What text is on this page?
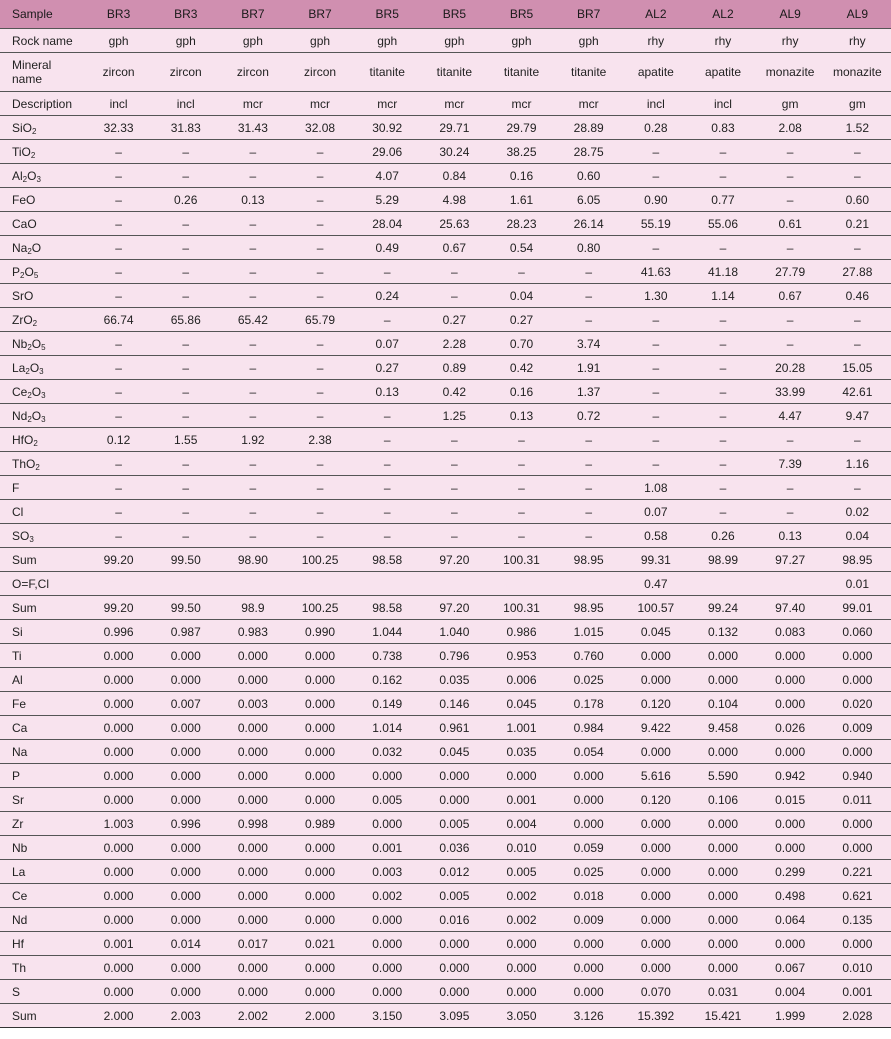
Sample	BR3	BR3	BR7	BR7	BR5	BR5	BR5	BR7	AL2	AL2	AL9	AL9
Rock name	gph	gph	gph	gph	gph	gph	gph	gph	rhy	rhy	rhy	rhy
Mineral name	zircon	zircon	zircon	zircon	titanite	titanite	titanite	titanite	apatite	apatite	monazite	monazite
Description	incl	incl	mcr	mcr	mcr	mcr	mcr	mcr	incl	incl	gm	gm
SiO$_2$	32.33	31.83	31.43	32.08	30.92	29.71	29.79	28.89	0.28	0.83	2.08	1.52
TiO$_2$	–	–	–	–	29.06	30.24	38.25	28.75	–	–	–	–
$Al_2O_3$	–	–	–	–	4.07	0.84	0.16	0.60	–	–	–	–
FeO	–	0.26	0.13	–	5.29	4.98	1.61	6.05	0.90	0.77	–	0.60
CaO	–	–	–	–	28.04	25.63	28.23	26.14	55.19	55.06	0.61	0.21
$Na_2O$	–	–	–	–	0.49	0.67	0.54	0.80	–	–	–	–
$P_2O_5$	–	–	–	–	–	–	–	–	41.63	41.18	27.79	27.88
SrO	–	–	–	–	0.24	–	0.04	–	1.30	1.14	0.67	0.46
ZrO$_2$	66.74	65.86	65.42	65.79	–	0.27	0.27	–	–	–	–	–
$Nb_2O_5$	–	–	–	–	0.07	2.28	0.70	3.74	–	–	–	–
$La_2O_3$	–	–	–	–	0.27	0.89	0.42	1.91	–	–	20.28	15.05
$Ce_2O_3$	–	–	–	–	0.13	0.42	0.16	1.37	–	–	33.99	42.61
$Nd_2O_3$	–	–	–	–	–	1.25	0.13	0.72	–	–	4.47	9.47
HfO$_2$	0.12	1.55	1.92	2.38	–	–	–	–	–	–	–	–
ThO$_2$	–	–	–	–	–	–	–	–	–	–	7.39	1.16
F	–	–	–	–	–	–	–	–	1.08	–	–	–
Cl	–	–	–	–	–	–	–	–	0.07	–	–	0.02
$SO_3$	–	–	–	–	–	–	–	–	0.58	0.26	0.13	0.04
Sum	99.20	99.50	98.90	100.25	98.58	97.20	100.31	98.95	99.31	98.99	97.27	98.95
O=F,Cl									0.47			0.01
Sum	99.20	99.50	98.9	100.25	98.58	97.20	100.31	98.95	100.57	99.24	97.40	99.01
Si	0.996	0.987	0.983	0.990	1.044	1.040	0.986	1.015	0.045	0.132	0.083	0.060
Ti	0.000	0.000	0.000	0.000	0.738	0.796	0.953	0.760	0.000	0.000	0.000	0.000
Al	0.000	0.000	0.000	0.000	0.162	0.035	0.006	0.025	0.000	0.000	0.000	0.000
Fe	0.000	0.007	0.003	0.000	0.149	0.146	0.045	0.178	0.120	0.104	0.000	0.020
Ca	0.000	0.000	0.000	0.000	1.014	0.961	1.001	0.984	9.422	9.458	0.026	0.009
Na	0.000	0.000	0.000	0.000	0.032	0.045	0.035	0.054	0.000	0.000	0.000	0.000
P	0.000	0.000	0.000	0.000	0.000	0.000	0.000	0.000	5.616	5.590	0.942	0.940
Sr	0.000	0.000	0.000	0.000	0.005	0.000	0.001	0.000	0.120	0.106	0.015	0.011
Zr	1.003	0.996	0.998	0.989	0.000	0.005	0.004	0.000	0.000	0.000	0.000	0.000
Nb	0.000	0.000	0.000	0.000	0.001	0.036	0.010	0.059	0.000	0.000	0.000	0.000
La	0.000	0.000	0.000	0.000	0.003	0.012	0.005	0.025	0.000	0.000	0.299	0.221
Ce	0.000	0.000	0.000	0.000	0.002	0.005	0.002	0.018	0.000	0.000	0.498	0.621
Nd	0.000	0.000	0.000	0.000	0.000	0.016	0.002	0.009	0.000	0.000	0.064	0.135
Hf	0.001	0.014	0.017	0.021	0.000	0.000	0.000	0.000	0.000	0.000	0.000	0.000
Th	0.000	0.000	0.000	0.000	0.000	0.000	0.000	0.000	0.000	0.000	0.067	0.010
S	0.000	0.000	0.000	0.000	0.000	0.000	0.000	0.000	0.070	0.031	0.004	0.001
Sum	2.000	2.003	2.002	2.000	3.150	3.095	3.050	3.126	15.392	15.421	1.999	2.028
